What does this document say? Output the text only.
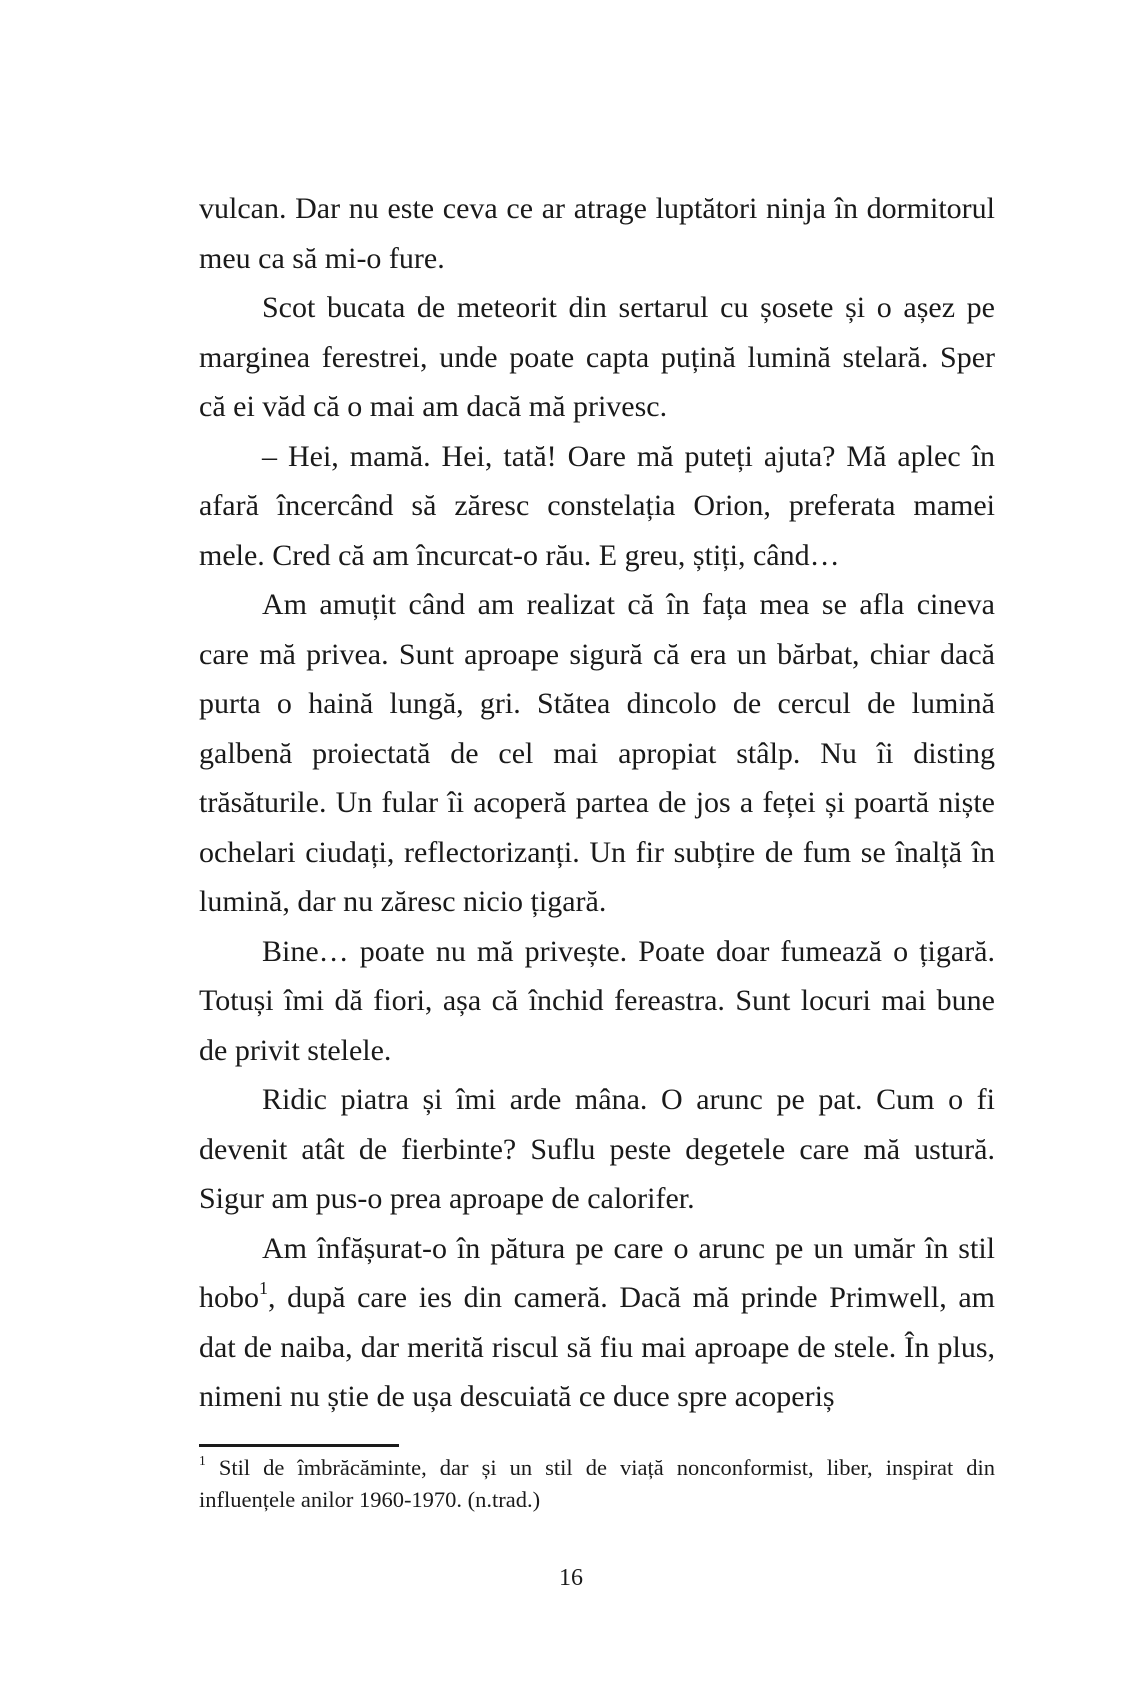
vulcan. Dar nu este ceva ce ar atrage luptători ninja în dormitorul meu ca să mi-o fure.

Scot bucata de meteorit din sertarul cu șosete și o așez pe marginea ferestrei, unde poate capta puțină lumină stelară. Sper că ei văd că o mai am dacă mă privesc.

– Hei, mamă. Hei, tată! Oare mă puteți ajuta? Mă aplec în afară încercând să zăresc constelația Orion, preferata mamei mele. Cred că am încurcat-o rău. E greu, știți, când…

Am amuțit când am realizat că în fața mea se afla cineva care mă privea. Sunt aproape sigură că era un bărbat, chiar dacă purta o haină lungă, gri. Stătea dincolo de cercul de lumină galbenă proiectată de cel mai apropiat stâlp. Nu îi disting trăsăturile. Un fular îi acoperă partea de jos a feței și poartă niște ochelari ciudați, reflectorizanți. Un fir subțire de fum se înalță în lumină, dar nu zăresc nicio țigară.

Bine… poate nu mă privește. Poate doar fumează o țigară. Totuși îmi dă fiori, așa că închid fereastra. Sunt locuri mai bune de privit stelele.

Ridic piatra și îmi arde mâna. O arunc pe pat. Cum o fi devenit atât de fierbinte? Suflu peste degetele care mă ustură. Sigur am pus-o prea aproape de calorifer.

Am înfășurat-o în pătura pe care o arunc pe un umăr în stil hobo$^1$, după care ies din cameră. Dacă mă prinde Primwell, am dat de naiba, dar merită riscul să fiu mai aproape de stele. În plus, nimeni nu știe de ușa descuiată ce duce spre acoperiș

$^1$ Stil de îmbrăcăminte, dar și un stil de viață nonconformist, liber, inspirat din influențele anilor 1960-1970. (n.trad.)

16
